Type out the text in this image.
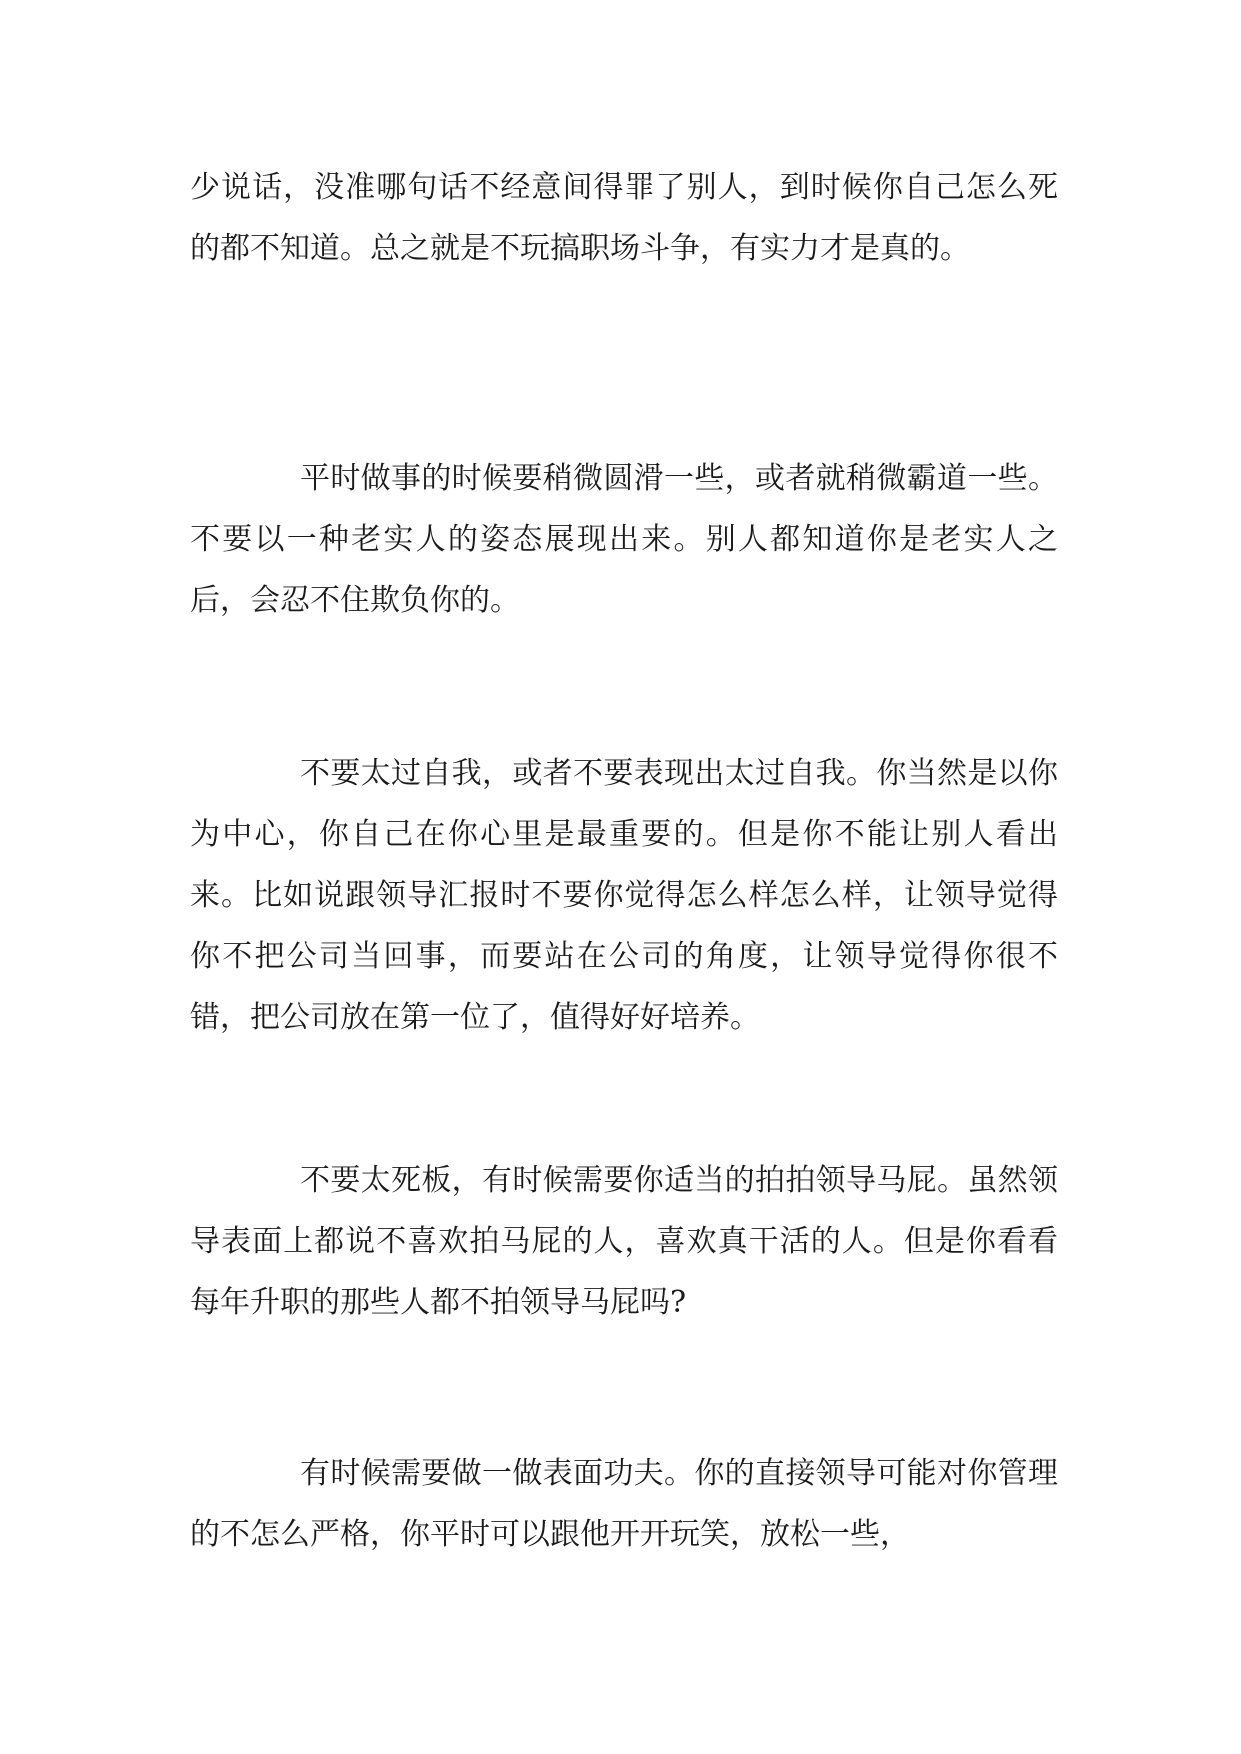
少说话，没准哪句话不经意间得罪了别人，到时候你自己怎么死的都不知道。总之就是不玩搞职场斗争，有实力才是真的。

平时做事的时候要稍微圆滑一些，或者就稍微霸道一些。不要以一种老实人的姿态展现出来。别人都知道你是老实人之后，会忍不住欺负你的。

不要太过自我，或者不要表现出太过自我。你当然是以你为中心，你自己在你心里是最重要的。但是你不能让别人看出来。比如说跟领导汇报时不要你觉得怎么样怎么样，让领导觉得你不把公司当回事，而要站在公司的角度，让领导觉得你很不错，把公司放在第一位了，值得好好培养。

不要太死板，有时候需要你适当的拍拍领导马屁。虽然领导表面上都说不喜欢拍马屁的人，喜欢真干活的人。但是你看看每年升职的那些人都不拍领导马屁吗?

有时候需要做一做表面功夫。你的直接领导可能对你管理的不怎么严格，你平时可以跟他开开玩笑，放松一些，
